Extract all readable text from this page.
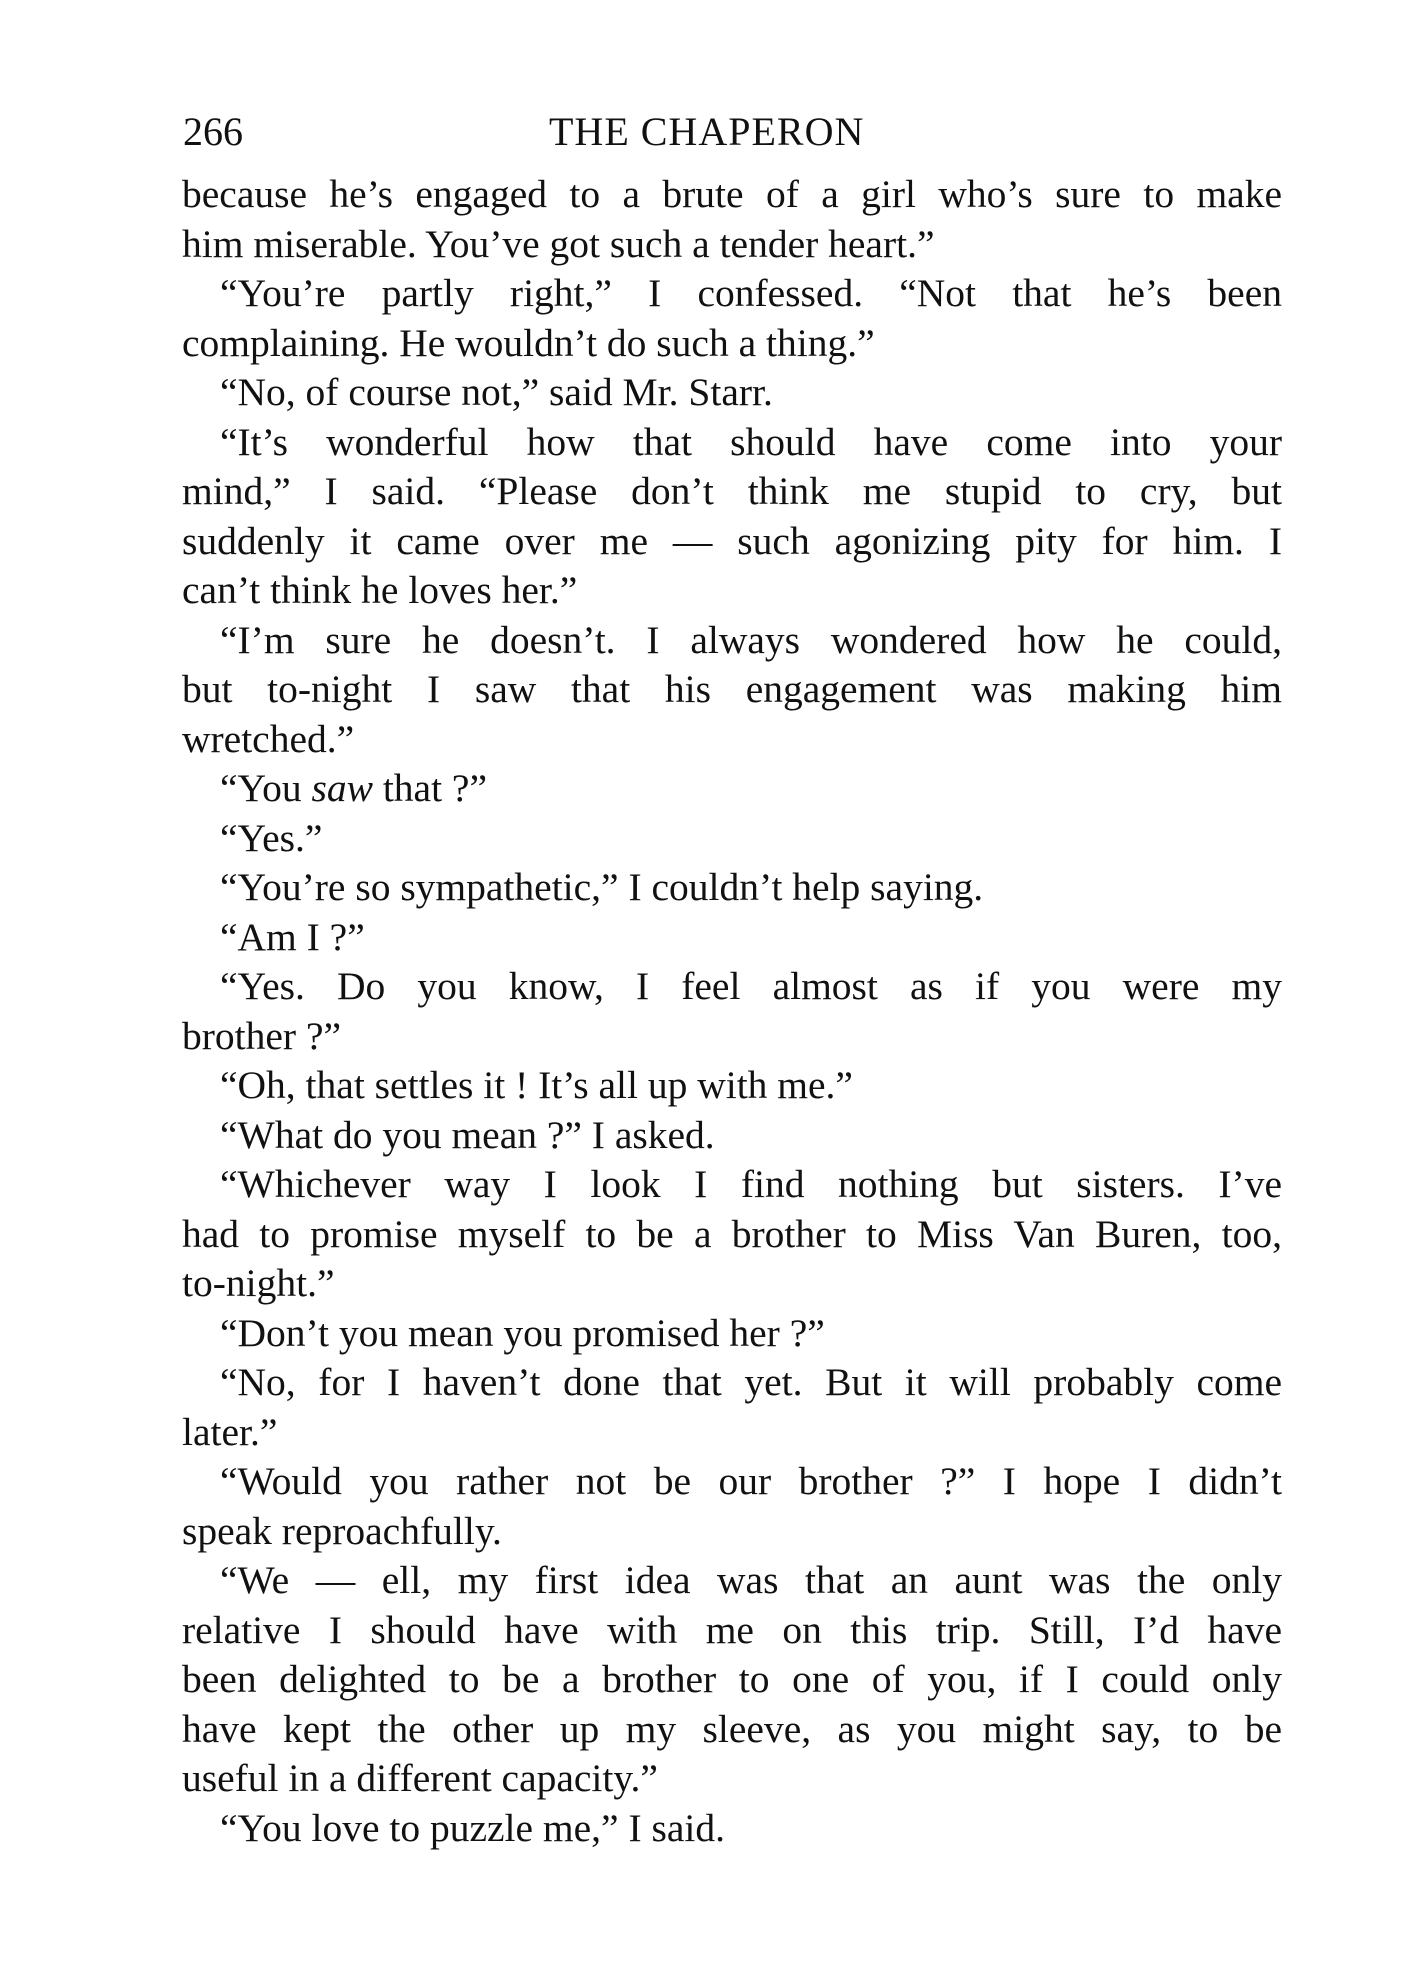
266	THE CHAPERON
because he’s engaged to a brute of a girl who’s sure to make
him miserable. You’ve got such a tender heart.”
“You’re partly right,” I confessed. “Not that he’s been
complaining. He wouldn’t do such a thing.”
“No, of course not,” said Mr. Starr.
“It’s wonderful how that should have come into your
mind,” I said. “Please don’t think me stupid to cry, but
suddenly it came over me — such agonizing pity for him. I
can’t think he loves her.”
“I’m sure he doesn’t. I always wondered how he could,
but to-night I saw that his engagement was making him
wretched.”
“You saw that ?”
“Yes.”
“You’re so sympathetic,” I couldn’t help saying.
“Am I ?”
“Yes. Do you know, I feel almost as if you were my
brother ?”
“Oh, that settles it ! It’s all up with me.”
“What do you mean ?” I asked.
“Whichever way I look I find nothing but sisters. I’ve
had to promise myself to be a brother to Miss Van Buren, too,
to-night.”
“Don’t you mean you promised her ?”
“No, for I haven’t done that yet. But it will probably come
later.”
“Would you rather not be our brother ?” I hope I didn’t
speak reproachfully.
“We — ell, my first idea was that an aunt was the only
relative I should have with me on this trip. Still, I’d have
been delighted to be a brother to one of you, if I could only
have kept the other up my sleeve, as you might say, to be
useful in a different capacity.”
“You love to puzzle me,” I said.
